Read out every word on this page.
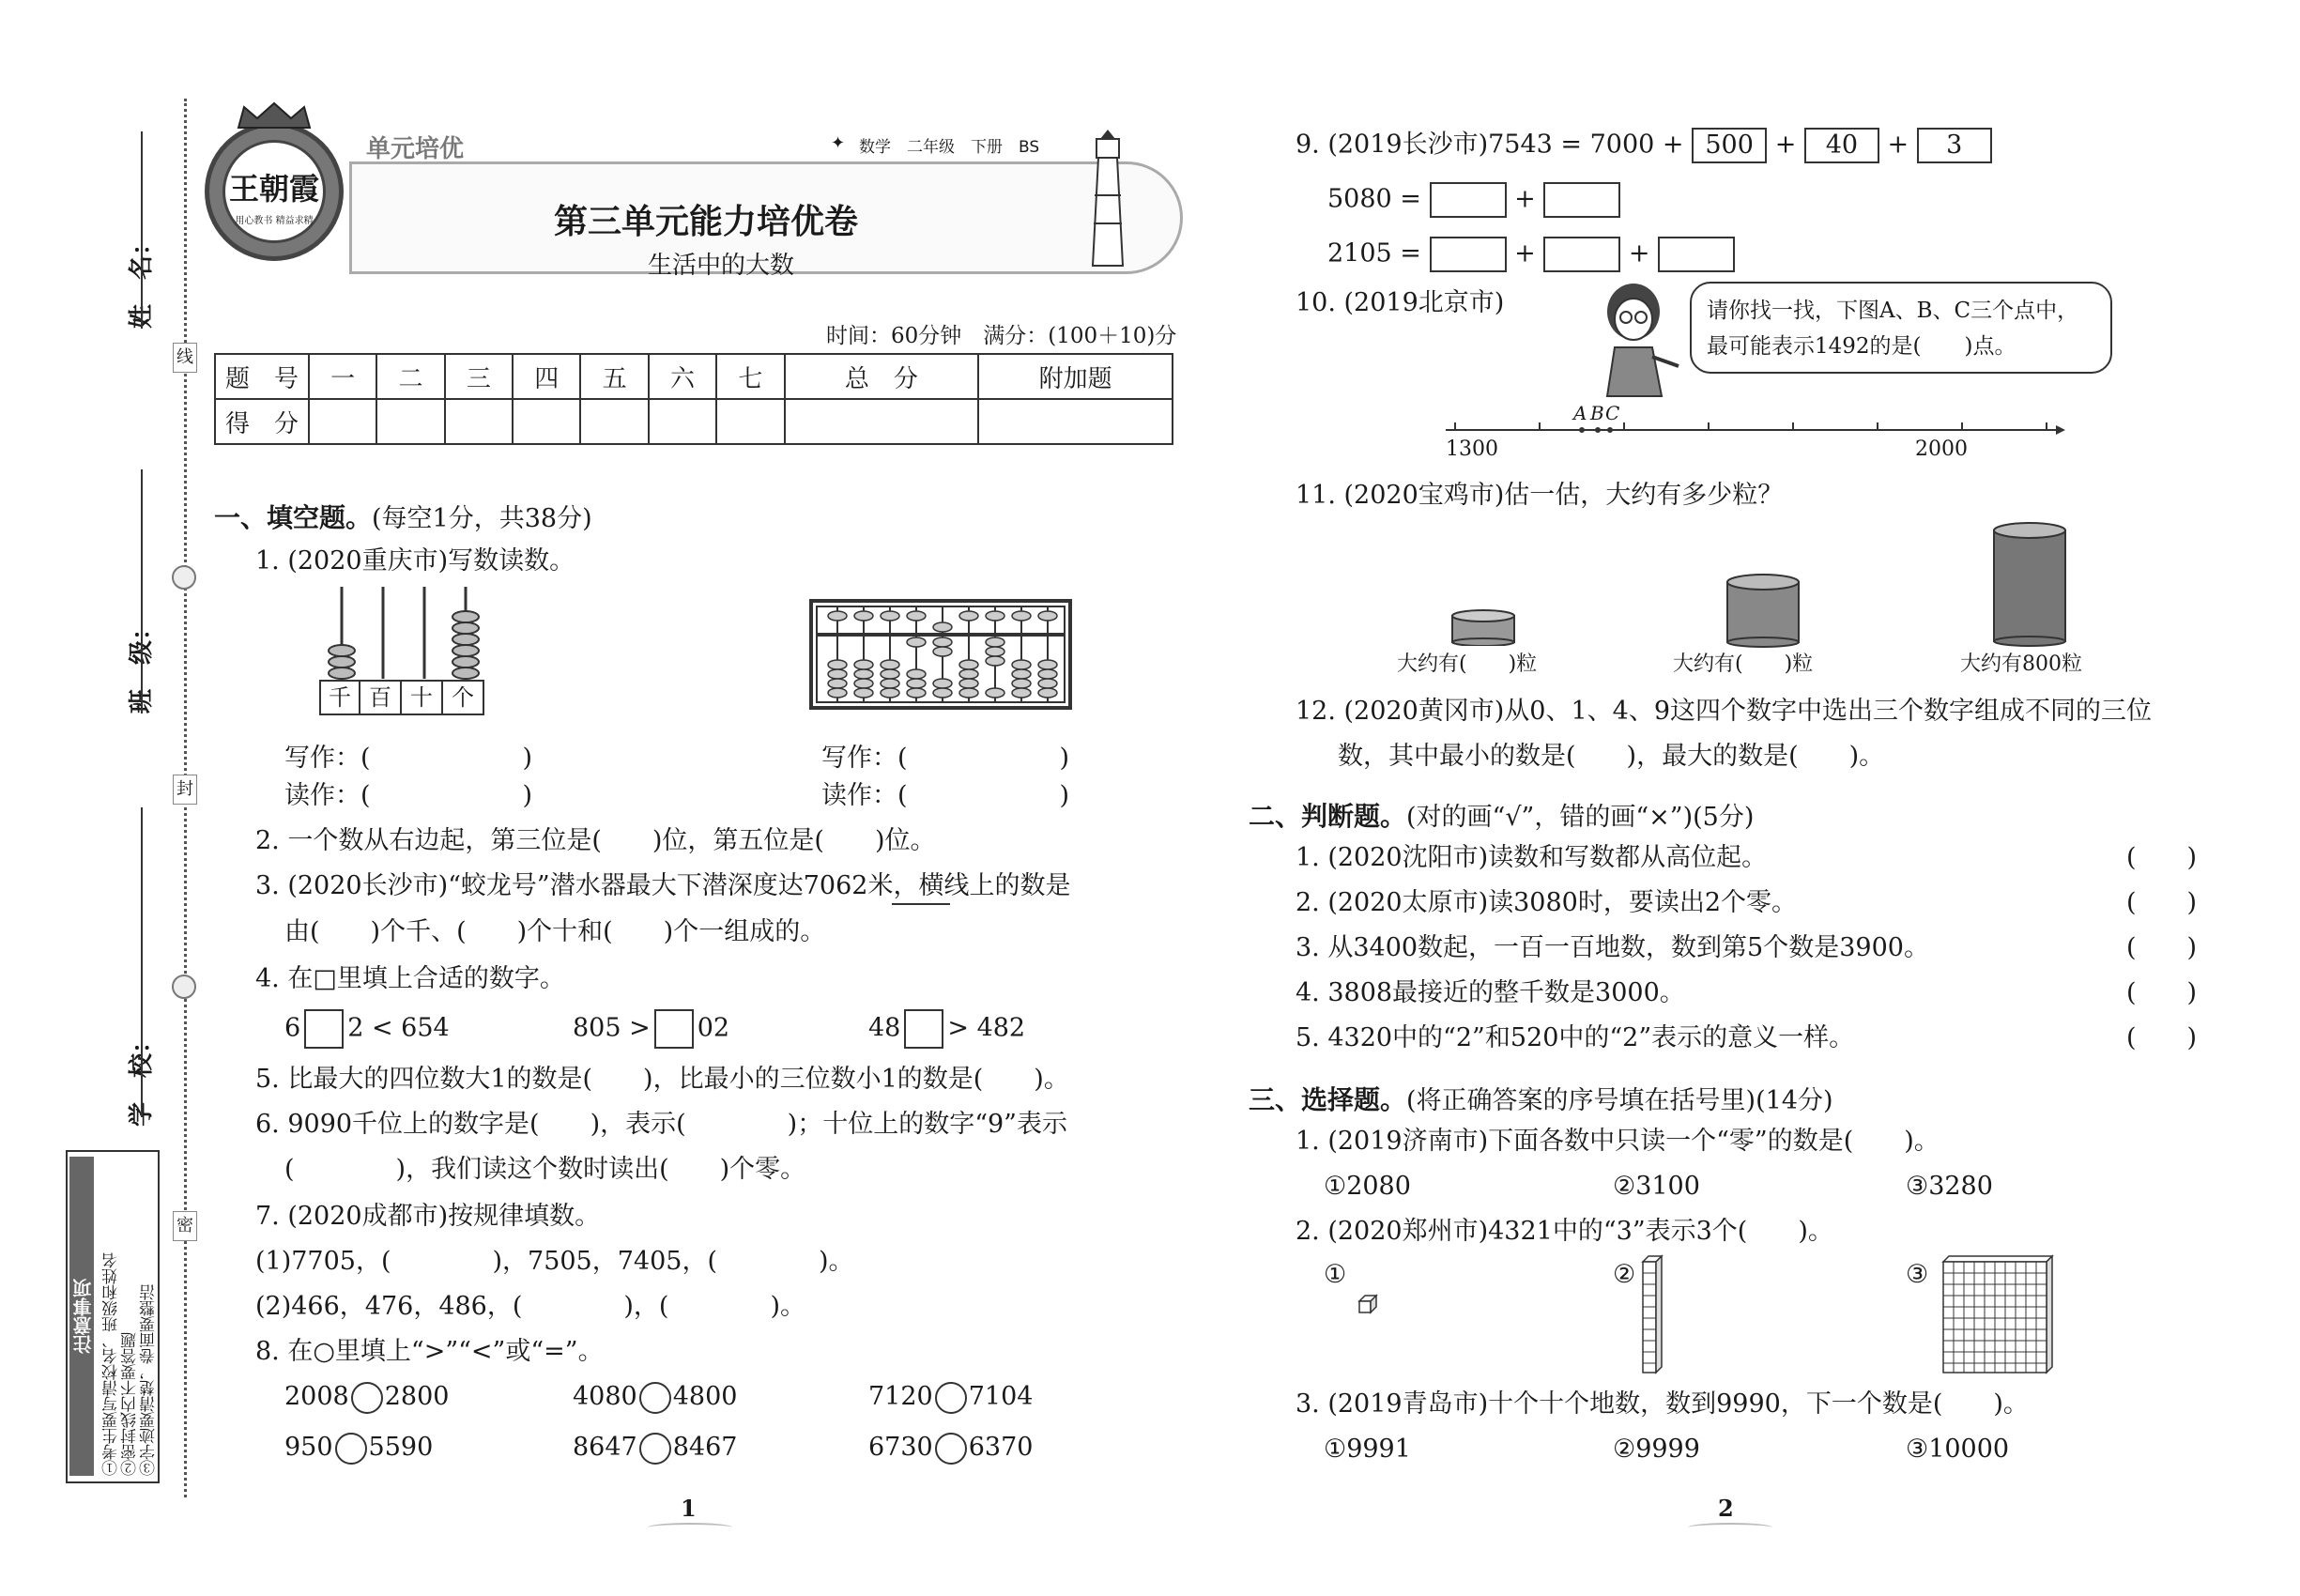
姓　名：
班　级：
学　校：
线
封
密
注意事项 ①考生要写清校名、班级和姓名 ②密封线内不要答题 ③字迹要清楚，卷面要整洁
王朝霞
用心教书 精益求精
单元培优	✦ 数学　二年级　下册　BS
第三单元能力培优卷
生活中的大数
时间：60分钟　满分：(100＋10)分
题　号	一	二	三	四	五	六	七	总　分	附加题
得　分									
一、填空题。(每空1分，共38分)
1. (2020重庆市)写数读数。
千 百 十 个
写作：(　　　　　　)
读作：(　　　　　　)
写作：(　　　　　　)
读作：(　　　　　　)
2. 一个数从右边起，第三位是(　　)位，第五位是(　　)位。
3. (2020长沙市)“蛟龙号”潜水器最大下潜深度达7062米，横线上的数是
由(　　)个千、(　　)个十和(　　)个一组成的。
4. 在□里填上合适的数字。
6 2 < 654	805 > 02	48 > 482
5. 比最大的四位数大1的数是(　　)，比最小的三位数小1的数是(　　)。
6. 9090千位上的数字是(　　)，表示(　　　　)；十位上的数字“9”表示
(　　　　)，我们读这个数时读出(　　)个零。
7. (2020成都市)按规律填数。
(1)7705，(　　　　)，7505，7405，(　　　　)。
(2)466，476，486，(　　　　)，(　　　　)。
8. 在○里填上“>”“<”或“=”。
2008 2800	4080 4800	7120 7104
950 5590	8647 8467	6730 6370
1
9. (2019长沙市)7543 = 7000 + 500 + 40 + 3
5080 =	+
2105 =	+	+
10. (2019北京市)	请你找一找，下图A、B、C三个点中，
最可能表示1492的是(　　)点。
A B C
1300	2000
11. (2020宝鸡市)估一估，大约有多少粒？
大约有(　　)粒	大约有(　　)粒	大约有800粒
12. (2020黄冈市)从0、1、4、9这四个数字中选出三个数字组成不同的三位
数，其中最小的数是(　　)，最大的数是(　　)。
二、判断题。(对的画“√”，错的画“×”)(5分)
1. (2020沈阳市)读数和写数都从高位起。	(　　)
2. (2020太原市)读3080时，要读出2个零。	(　　)
3. 从3400数起，一百一百地数，数到第5个数是3900。	(　　)
4. 3808最接近的整千数是3000。	(　　)
5. 4320中的“2”和520中的“2”表示的意义一样。	(　　)
三、选择题。(将正确答案的序号填在括号里)(14分)
1. (2019济南市)下面各数中只读一个“零”的数是(　　)。
①2080	②3100	③3280
2. (2020郑州市)4321中的“3”表示3个(　　)。
①	②	③
3. (2019青岛市)十个十个地数，数到9990，下一个数是(　　)。
①9991	②9999	③10000
2
